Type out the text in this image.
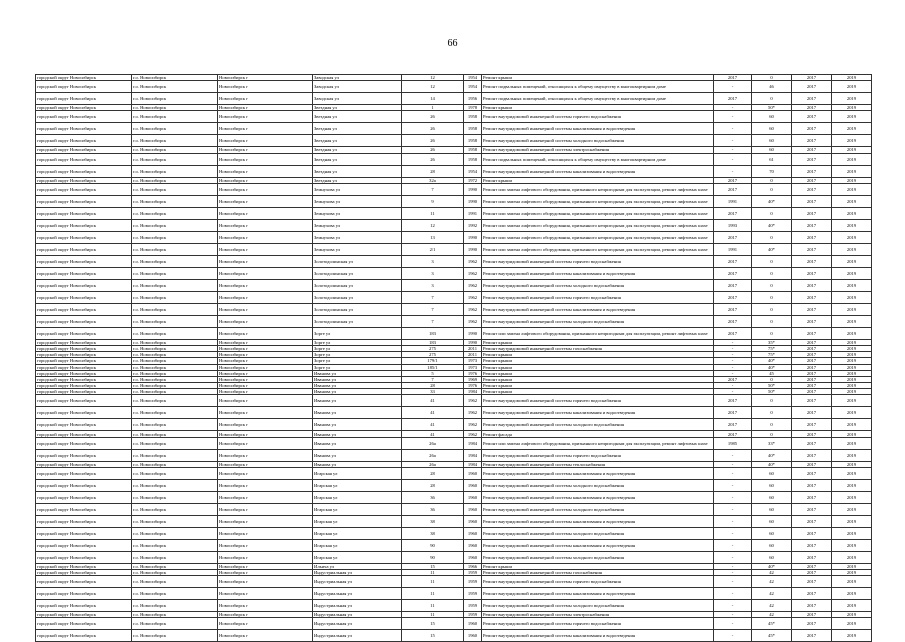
66
городской округ Новосибирск	г.о. Новосибирск	Новосибирск г	Заводская ул	12	1954	Ремонт крыши	2017	0	2017	2019
городской округ Новосибирск	г.о. Новосибирск	Новосибирск г	Заводская ул	12	1954	Ремонт подвальных помещений, относящихся к общему имуществу в многоквартирном доме	-	46	2017	2019
городской округ Новосибирск	г.о. Новосибирск	Новосибирск г	Заводская ул	14	1956	Ремонт подвальных помещений, относящихся к общему имуществу в многоквартирном доме	2017	0	2017	2019
городской округ Новосибирск	г.о. Новосибирск	Новосибирск г	Звездная ул	1	1978	Ремонт крыши	-	50*	2017	2019
городской округ Новосибирск	г.о. Новосибирск	Новосибирск г	Звездная ул	26	1958	Ремонт внутридомовой инженерной системы горячего водоснабжения	-	60	2017	2019
городской округ Новосибирск	г.о. Новосибирск	Новосибирск г	Звездная ул	26	1958	Ремонт внутридомовой инженерной системы канализования и водоотведения	-	60	2017	2019
городской округ Новосибирск	г.о. Новосибирск	Новосибирск г	Звездная ул	26	1958	Ремонт внутридомовой инженерной системы холодного водоснабжения	-	60	2017	2019
городской округ Новосибирск	г.о. Новосибирск	Новосибирск г	Звездная ул	26	1958	Ремонт внутридомовой инженерной системы электроснабжения	-	60	2017	2019
городской округ Новосибирск	г.о. Новосибирск	Новосибирск г	Звездная ул	26	1958	Ремонт подвальных помещений, относящихся к общему имуществу в многоквартирном доме	-	61	2017	2019
городской округ Новосибирск	г.о. Новосибирск	Новосибирск г	Звездная ул	28	1954	Ремонт внутридомовой инженерной системы канализования и водоотведения	-	70	2017	2019
городской округ Новосибирск	г.о. Новосибирск	Новосибирск г	Звездная ул	32а	1972	Ремонт крыши	2017	0	2017	2019
городской округ Новосибирск	г.о. Новосибирск	Новосибирск г	Земнухова ул	7	1990	Ремонт или замена лифтового оборудования, признанного непригодным для эксплуатации, ремонт лифтовых шахт	2017	0	2017	2019
городской округ Новосибирск	г.о. Новосибирск	Новосибирск г	Земнухова ул	9	1990	Ремонт или замена лифтового оборудования, признанного непригодным для эксплуатации, ремонт лифтовых шахт	1991	40*	2017	2019
городской округ Новосибирск	г.о. Новосибирск	Новосибирск г	Земнухова ул	11	1991	Ремонт или замена лифтового оборудования, признанного непригодным для эксплуатации, ремонт лифтовых шахт	2017	0	2017	2019
городской округ Новосибирск	г.о. Новосибирск	Новосибирск г	Земнухова ул	12	1992	Ремонт или замена лифтового оборудования, признанного непригодным для эксплуатации, ремонт лифтовых шахт	1993	40*	2017	2019
городской округ Новосибирск	г.о. Новосибирск	Новосибирск г	Земнухова ул	13	1990	Ремонт или замена лифтового оборудования, признанного непригодным для эксплуатации, ремонт лифтовых шахт	2017	0	2017	2019
городской округ Новосибирск	г.о. Новосибирск	Новосибирск г	Земнухова ул	2/1	1990	Ремонт или замена лифтового оборудования, признанного непригодным для эксплуатации, ремонт лифтовых шахт	1991	40*	2017	2019
городской округ Новосибирск	г.о. Новосибирск	Новосибирск г	Золотодолинская ул	3	1962	Ремонт внутридомовой инженерной системы горячего водоснабжения	2017	0	2017	2019
городской округ Новосибирск	г.о. Новосибирск	Новосибирск г	Золотодолинская ул	3	1962	Ремонт внутридомовой инженерной системы канализования и водоотведения	2017	0	2017	2019
городской округ Новосибирск	г.о. Новосибирск	Новосибирск г	Золотодолинская ул	3	1962	Ремонт внутридомовой инженерной системы холодного водоснабжения	2017	0	2017	2019
городской округ Новосибирск	г.о. Новосибирск	Новосибирск г	Золотодолинская ул	7	1962	Ремонт внутридомовой инженерной системы горячего водоснабжения	2017	0	2017	2019
городской округ Новосибирск	г.о. Новосибирск	Новосибирск г	Золотодолинская ул	7	1962	Ремонт внутридомовой инженерной системы канализования и водоотведения	2017	0	2017	2019
городской округ Новосибирск	г.о. Новосибирск	Новосибирск г	Золотодолинская ул	7	1962	Ремонт внутридомовой инженерной системы холодного водоснабжения	2017	0	2017	2019
городской округ Новосибирск	г.о. Новосибирск	Новосибирск г	Зорге ул	183	1990	Ремонт или замена лифтового оборудования, признанного непригодным для эксплуатации, ремонт лифтовых шахт	2017	0	2017	2019
городской округ Новосибирск	г.о. Новосибирск	Новосибирск г	Зорге ул	183	1990	Ремонт крыши	-	35*	2017	2019
городской округ Новосибирск	г.о. Новосибирск	Новосибирск г	Зорге ул	275	2011	Ремонт внутридомовой инженерной системы газоснабжения	-	75*	2017	2019
городской округ Новосибирск	г.о. Новосибирск	Новосибирск г	Зорге ул	275	2011	Ремонт крыши	-	75*	2017	2019
городской округ Новосибирск	г.о. Новосибирск	Новосибирск г	Зорге ул	179/1	1973	Ремонт крыши	-	40*	2017	2019
городской округ Новосибирск	г.о. Новосибирск	Новосибирск г	Зорге ул	185/1	1973	Ремонт крыши	-	40*	2017	2019
городской округ Новосибирск	г.о. Новосибирск	Новосибирск г	Иванова ул	5	1976	Ремонт крыши	-	45	2017	2019
городской округ Новосибирск	г.о. Новосибирск	Новосибирск г	Иванова ул	7	1969	Ремонт крыши	2017	0	2017	2019
городской округ Новосибирск	г.о. Новосибирск	Новосибирск г	Иванова ул	28	1976	Ремонт крыши	-	50*	2017	2019
городской округ Новосибирск	г.о. Новосибирск	Новосибирск г	Иванова ул	33	1984	Ремонт крыши	-	50*	2017	2019
городской округ Новосибирск	г.о. Новосибирск	Новосибирск г	Иванова ул	41	1962	Ремонт внутридомовой инженерной системы горячего водоснабжения	2017	0	2017	2019
городской округ Новосибирск	г.о. Новосибирск	Новосибирск г	Иванова ул	41	1962	Ремонт внутридомовой инженерной системы канализования и водоотведения	2017	0	2017	2019
городской округ Новосибирск	г.о. Новосибирск	Новосибирск г	Иванова ул	41	1962	Ремонт внутридомовой инженерной системы холодного водоснабжения	2017	0	2017	2019
городской округ Новосибирск	г.о. Новосибирск	Новосибирск г	Иванова ул	41	1962	Ремонт фасада	2017	0	2017	2019
городской округ Новосибирск	г.о. Новосибирск	Новосибирск г	Иванова ул	26а	1984	Ремонт или замена лифтового оборудования, признанного непригодным для эксплуатации, ремонт лифтовых шахт	1985	33*	2017	2019
городской округ Новосибирск	г.о. Новосибирск	Новосибирск г	Иванова ул	26а	1984	Ремонт внутридомовой инженерной системы горячего водоснабжения	-	40*	2017	2019
городской округ Новосибирск	г.о. Новосибирск	Новосибирск г	Иванова ул	26а	1984	Ремонт внутридомовой инженерной системы теплоснабжения	-	40*	2017	2019
городской округ Новосибирск	г.о. Новосибирск	Новосибирск г	Игарская ул	28	1960	Ремонт внутридомовой инженерной системы канализования и водоотведения	-	60	2017	2019
городской округ Новосибирск	г.о. Новосибирск	Новосибирск г	Игарская ул	28	1960	Ремонт внутридомовой инженерной системы холодного водоснабжения	-	60	2017	2019
городской округ Новосибирск	г.о. Новосибирск	Новосибирск г	Игарская ул	36	1960	Ремонт внутридомовой инженерной системы канализования и водоотведения	-	60	2017	2019
городской округ Новосибирск	г.о. Новосибирск	Новосибирск г	Игарская ул	36	1960	Ремонт внутридомовой инженерной системы холодного водоснабжения	-	60	2017	2019
городской округ Новосибирск	г.о. Новосибирск	Новосибирск г	Игарская ул	38	1960	Ремонт внутридомовой инженерной системы канализования и водоотведения	-	60	2017	2019
городской округ Новосибирск	г.о. Новосибирск	Новосибирск г	Игарская ул	38	1960	Ремонт внутридомовой инженерной системы холодного водоснабжения	-	60	2017	2019
городской округ Новосибирск	г.о. Новосибирск	Новосибирск г	Игарская ул	90	1960	Ремонт внутридомовой инженерной системы канализования и водоотведения	-	60	2017	2019
городской округ Новосибирск	г.о. Новосибирск	Новосибирск г	Игарская ул	90	1960	Ремонт внутридомовой инженерной системы холодного водоснабжения	-	60	2017	2019
городской округ Новосибирск	г.о. Новосибирск	Новосибирск г	Ильича ул	15	1966	Ремонт крыши	-	40*	2017	2019
городской округ Новосибирск	г.о. Новосибирск	Новосибирск г	Индустриальная ул	11	1959	Ремонт внутридомовой инженерной системы газоснабжения	-	42	2017	2019
городской округ Новосибирск	г.о. Новосибирск	Новосибирск г	Индустриальная ул	11	1959	Ремонт внутридомовой инженерной системы горячего водоснабжения	-	42	2017	2019
городской округ Новосибирск	г.о. Новосибирск	Новосибирск г	Индустриальная ул	11	1959	Ремонт внутридомовой инженерной системы канализования и водоотведения	-	42	2017	2019
городской округ Новосибирск	г.о. Новосибирск	Новосибирск г	Индустриальная ул	11	1959	Ремонт внутридомовой инженерной системы холодного водоснабжения	-	42	2017	2019
городской округ Новосибирск	г.о. Новосибирск	Новосибирск г	Индустриальная ул	11	1959	Ремонт внутридомовой инженерной системы электроснабжения	-	42	2017	2019
городской округ Новосибирск	г.о. Новосибирск	Новосибирск г	Индустриальная ул	15	1960	Ремонт внутридомовой инженерной системы горячего водоснабжения	-	45*	2017	2019
городской округ Новосибирск	г.о. Новосибирск	Новосибирск г	Индустриальная ул	15	1960	Ремонт внутридомовой инженерной системы канализования и водоотведения	-	45*	2017	2019
